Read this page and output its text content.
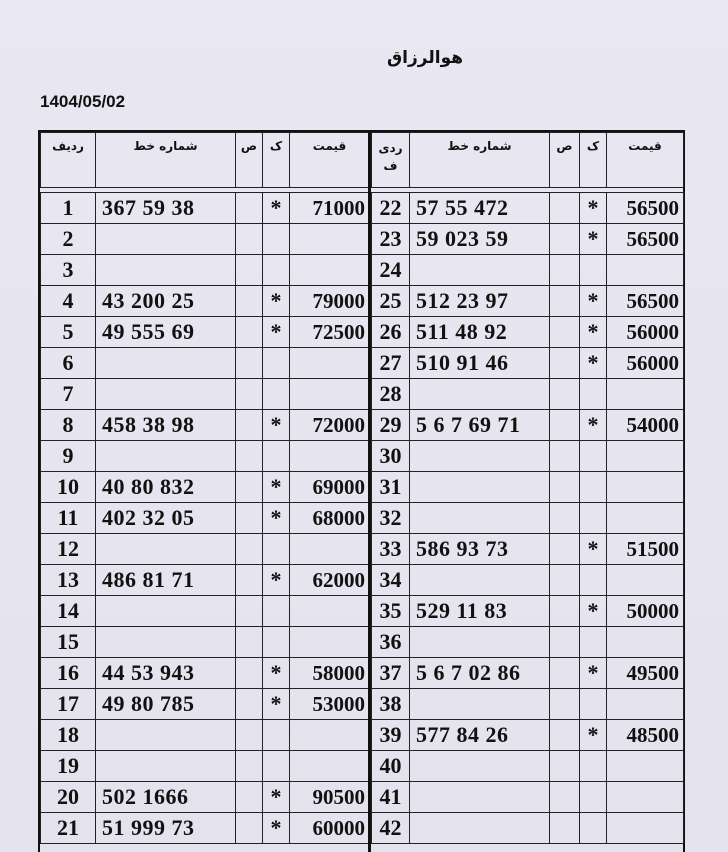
هوالرزاق
1404/05/02
ردیف	شماره خط	ص	ک	قیمت

1	367 59 38		*	71000
2				
3				
4	43 200 25		*	79000
5	49 555 69		*	72500
6				
7				
8	458 38 98		*	72000
9				
10	40 80 832		*	69000
11	402 32 05		*	68000
12				
13	486 81 71		*	62000
14				
15				
16	44 53 943		*	58000
17	49 80 785		*	53000
18				
19				
20	502 1666		*	90500
21	51 999 73		*	60000
ردی
ف	شماره خط	ص	ک	قیمت

22	57 55 472		*	56500
23	59 023 59		*	56500
24				
25	512 23 97		*	56500
26	511 48 92		*	56000
27	510 91 46		*	56000
28				
29	5 6 7 69 71		*	54000
30				
31				
32				
33	586 93 73		*	51500
34				
35	529 11 83		*	50000
36				
37	5 6 7 02 86		*	49500
38				
39	577 84 26		*	48500
40				
41				
42				
